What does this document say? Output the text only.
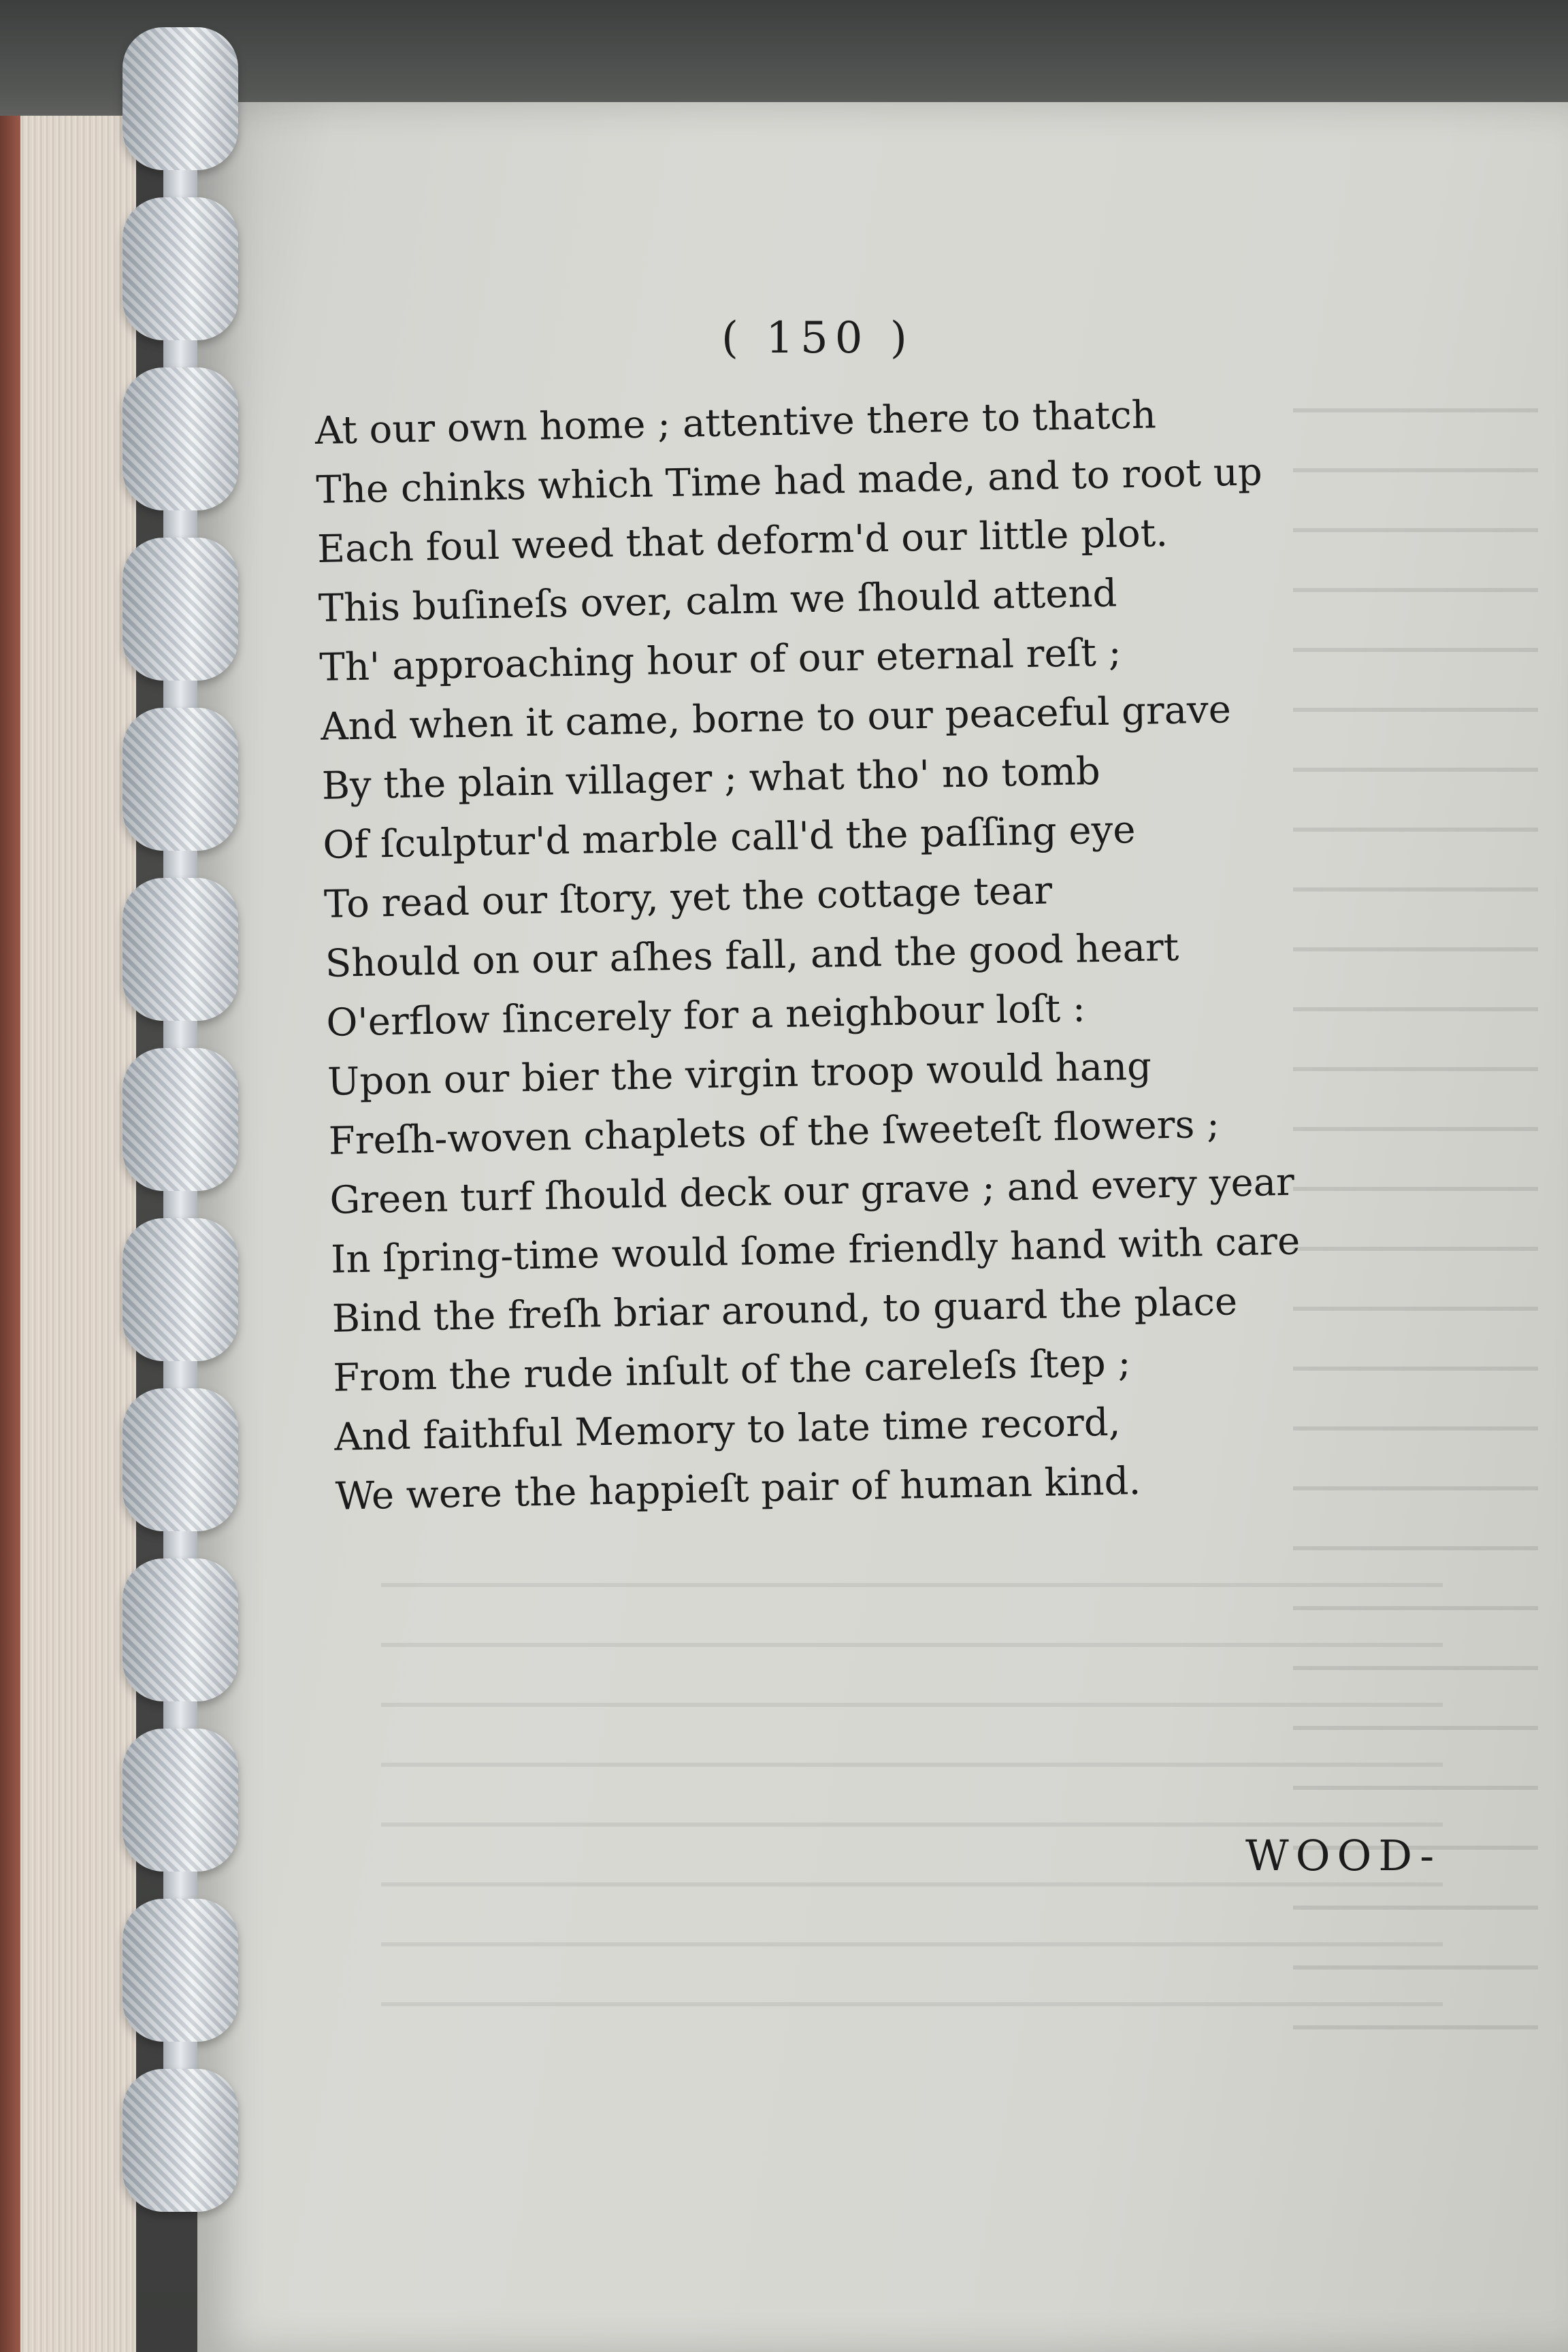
( 150 )
At our own home ; attentive there to thatch
The chinks which Time had made, and to root up
Each foul weed that deform'd our little plot.
This buſineſs over, calm we ſhould attend
Th' approaching hour of our eternal reſt ;
And when it came, borne to our peaceful grave
By the plain villager ; what tho' no tomb
Of ſculptur'd marble call'd the paſſing eye
To read our ſtory, yet the cottage tear
Should on our aſhes fall, and the good heart
O'erflow ſincerely for a neighbour loſt :
Upon our bier the virgin troop would hang
Freſh-woven chaplets of the ſweeteſt flowers ;
Green turf ſhould deck our grave ; and every year
In ſpring-time would ſome friendly hand with care
Bind the freſh briar around, to guard the place
From the rude inſult of the careleſs ſtep ;
And faithful Memory to late time record,
We were the happieſt pair of human kind.
WOOD-
